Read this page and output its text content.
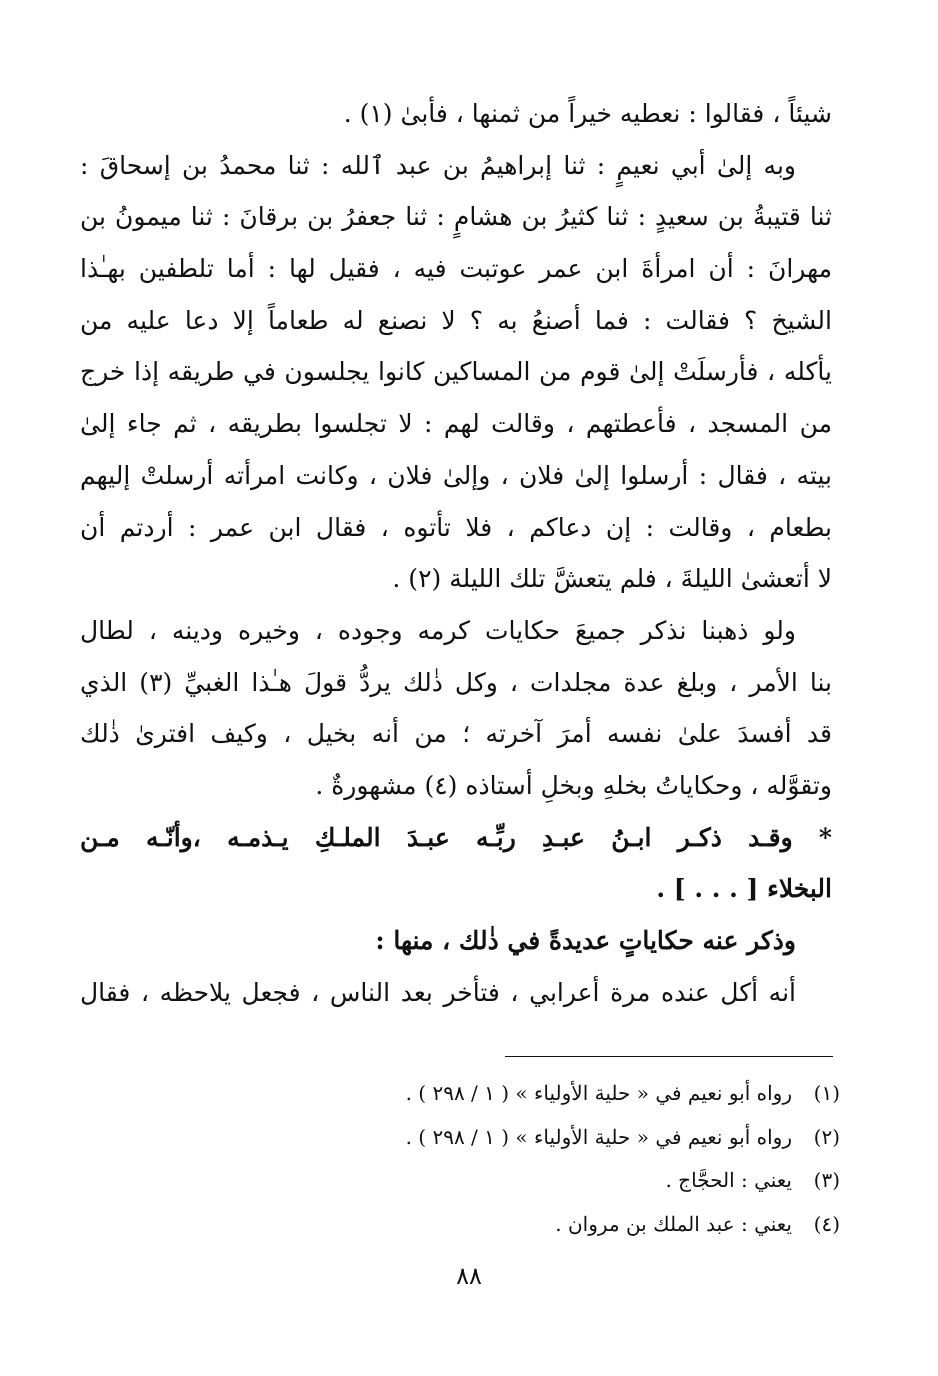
شيئاً ، فقالوا : نعطيه خيراً من ثمنها ، فأبىٰ (١) .
وبه إلىٰ أبي نعيمٍ : ثنا إبراهيمُ بن عبد ٱلله : ثنا محمدُ بن إسحاقَ :
ثنا قتيبةُ بن سعيدٍ : ثنا كثيرُ بن هشامٍ : ثنا جعفرُ بن برقانَ : ثنا ميمونُ بن
مهرانَ : أن امرأةَ ابن عمر عوتبت فيه ، فقيل لها : أما تلطفين بهـٰذا
الشيخ ؟ فقالت : فما أصنعُ به ؟ لا نصنع له طعاماً إلا دعا عليه من
يأكله ، فأرسلَتْ إلىٰ قوم من المساكين كانوا يجلسون في طريقه إذا خرج
من المسجد ، فأعطتهم ، وقالت لهم : لا تجلسوا بطريقه ، ثم جاء إلىٰ
بيته ، فقال : أرسلوا إلىٰ فلان ، وإلىٰ فلان ، وكانت امرأته أرسلتْ إليهم
بطعام ، وقالت : إن دعاكم ، فلا تأتوه ، فقال ابن عمر : أردتم أن
لا أتعشىٰ الليلةَ ، فلم يتعشَّ تلك الليلة (٢) .
ولو ذهبنا نذكر جميعَ حكايات كرمه وجوده ، وخيره ودينه ، لطال
بنا الأمر ، وبلغ عدة مجلدات ، وكل ذٰلك يردُّ قولَ هـٰذا الغبيِّ (٣) الذي
قد أفسدَ علىٰ نفسه أمرَ آخرته ؛ من أنه بخيل ، وكيف افترىٰ ذٰلك
وتقوَّله ، وحكاياتُ بخلهِ وبخلِ أستاذه (٤) مشهورةٌ .
* وقـد ذكـر ابـنُ عبـدِ ربِّـه عبـدَ الملـكِ يـذمـه ،وأنّـه مـن
البخلاء [ . . . ] .
وذكر عنه حكاياتٍ عديدةً في ذٰلك ، منها :
أنه أكل عنده مرة أعرابي ، فتأخر بعد الناس ، فجعل يلاحظه ، فقال
(١)
رواه أبو نعيم في « حلية الأولياء » ( ١ / ٢٩٨ ) .
(٢)
رواه أبو نعيم في « حلية الأولياء » ( ١ / ٢٩٨ ) .
(٣)
يعني : الحجَّاج .
(٤)
يعني : عبد الملك بن مروان .
٨٨
